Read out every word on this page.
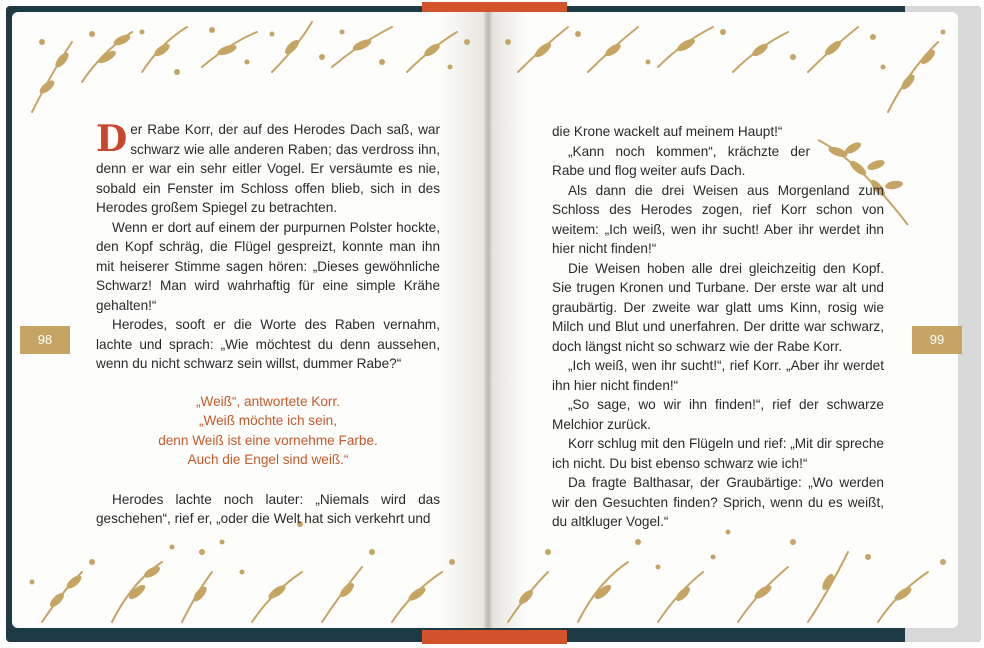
Der Rabe Korr, der auf des Herodes Dach saß, war schwarz wie alle anderen Raben; das verdross ihn, denn er war ein sehr eitler Vogel. Er versäumte es nie, sobald ein Fenster im Schloss offen blieb, sich in des Herodes großem Spiegel zu betrachten.

Wenn er dort auf einem der purpurnen Polster hockte, den Kopf schräg, die Flügel gespreizt, konnte man ihn mit heiserer Stimme sagen hören: „Dieses gewöhnliche Schwarz! Man wird wahrhaftig für eine simple Krähe gehalten!“

Herodes, sooft er die Worte des Raben vernahm, lachte und sprach: „Wie möchtest du denn aussehen, wenn du nicht schwarz sein willst, dummer Rabe?“

„Weiß“, antwortete Korr.
„Weiß möchte ich sein,
denn Weiß ist eine vornehme Farbe.
Auch die Engel sind weiß.“

Herodes lachte noch lauter: „Niemals wird das geschehen“, rief er, „oder die Welt hat sich verkehrt und

98

die Krone wackelt auf meinem Haupt!“

„Kann noch kommen“, krächzte der Rabe und flog weiter aufs Dach.

Als dann die drei Weisen aus Morgenland zum Schloss des Herodes zogen, rief Korr schon von weitem: „Ich weiß, wen ihr sucht! Aber ihr werdet ihn hier nicht finden!“

Die Weisen hoben alle drei gleichzeitig den Kopf. Sie trugen Kronen und Turbane. Der erste war alt und graubärtig. Der zweite war glatt ums Kinn, rosig wie Milch und Blut und unerfahren. Der dritte war schwarz, doch längst nicht so schwarz wie der Rabe Korr.

„Ich weiß, wen ihr sucht!“, rief Korr. „Aber ihr werdet ihn hier nicht finden!“

„So sage, wo wir ihn finden!“, rief der schwarze Melchior zurück.

Korr schlug mit den Flügeln und rief: „Mit dir spreche ich nicht. Du bist ebenso schwarz wie ich!“

Da fragte Balthasar, der Graubärtige: „Wo werden wir den Gesuchten finden? Sprich, wenn du es weißt, du altkluger Vogel.“

99
